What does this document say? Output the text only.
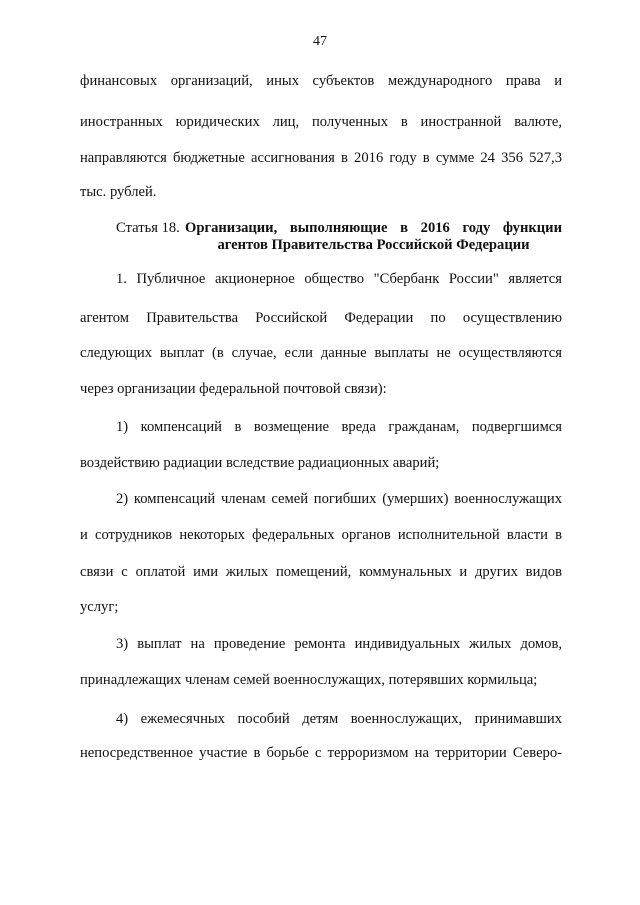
47
финансовых организаций, иных субъектов международного права и
иностранных юридических лиц, полученных в иностранной валюте,
направляются бюджетные ассигнования в 2016 году в сумме 24 356 527,3
тыс. рублей.
Статья 18. Организации, выполняющие в 2016 году функции
агентов Правительства Российской Федерации
1. Публичное акционерное общество "Сбербанк России" является
агентом Правительства Российской Федерации по осуществлению
следующих выплат (в случае, если данные выплаты не осуществляются
через организации федеральной почтовой связи):
1) компенсаций в возмещение вреда гражданам, подвергшимся
воздействию радиации вследствие радиационных аварий;
2) компенсаций членам семей погибших (умерших) военнослужащих
и сотрудников некоторых федеральных органов исполнительной власти в
связи с оплатой ими жилых помещений, коммунальных и других видов
услуг;
3) выплат на проведение ремонта индивидуальных жилых домов,
принадлежащих членам семей военнослужащих, потерявших кормильца;
4) ежемесячных пособий детям военнослужащих, принимавших
непосредственное участие в борьбе с терроризмом на территории Северо-
